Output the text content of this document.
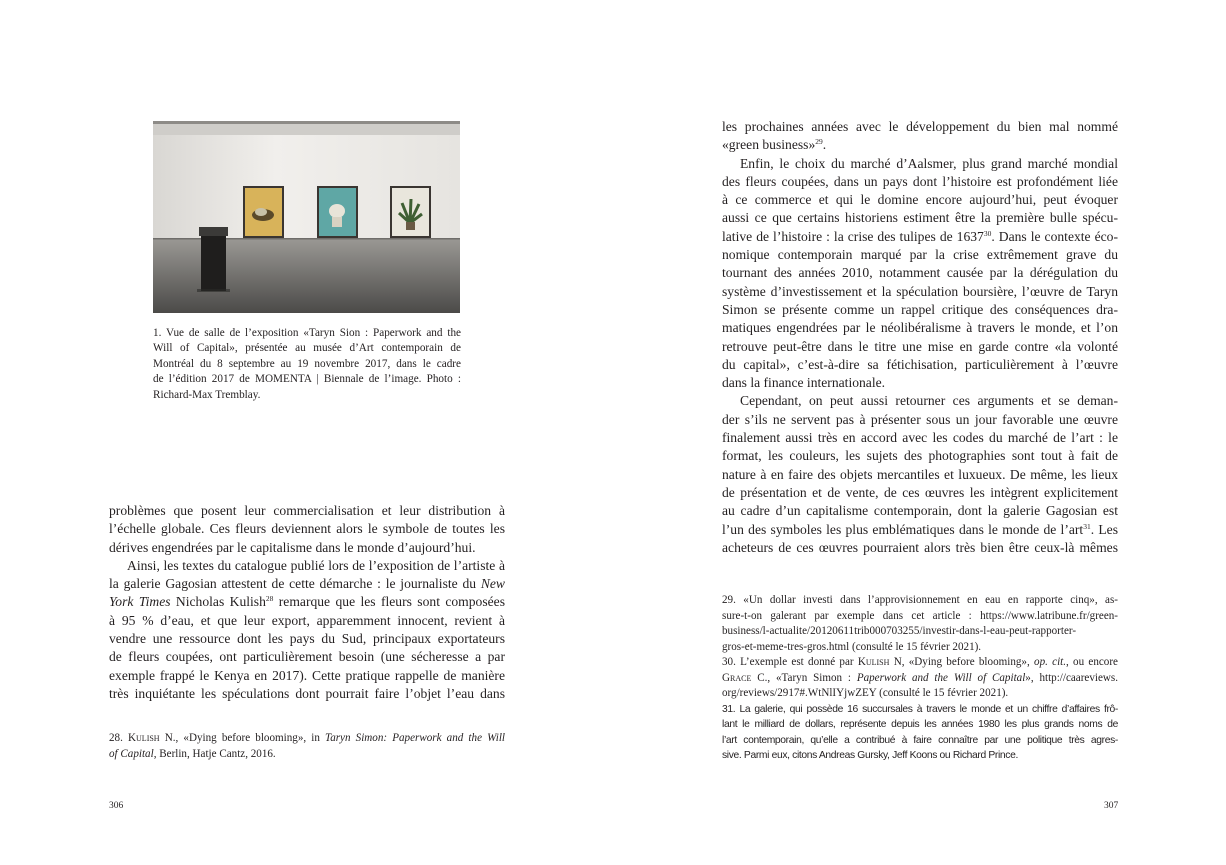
1. Vue de salle de l’exposition «Taryn Sion : Paperwork and the
Will of Capital», présentée au musée d’Art contemporain de
Montréal du 8 septembre au 19 novembre 2017, dans le cadre
de l’édition 2017 de MOMENTA | Biennale de l’image. Photo :
Richard-Max Tremblay.
problèmes que posent leur commercialisation et leur distribution à
l’échelle globale. Ces fleurs deviennent alors le symbole de toutes les
dérives engendrées par le capitalisme dans le monde d’aujourd’hui.
Ainsi, les textes du catalogue publié lors de l’exposition de l’artiste à
la galerie Gagosian attestent de cette démarche : le journaliste du New
York Times Nicholas Kulish$^{28}$ remarque que les fleurs sont composées
à 95 % d’eau, et que leur export, apparemment innocent, revient à
vendre une ressource dont les pays du Sud, principaux exportateurs
de fleurs coupées, ont particulièrement besoin (une sécheresse a par
exemple frappé le Kenya en 2017). Cette pratique rappelle de manière
très inquiétante les spéculations dont pourrait faire l’objet l’eau dans
28. Kulish N., «Dying before blooming», in Taryn Simon: Paperwork and the Will
of Capital, Berlin, Hatje Cantz, 2016.
306
les prochaines années avec le développement du bien mal nommé
«green business»$^{29}$.
Enfin, le choix du marché d’Aalsmer, plus grand marché mondial
des fleurs coupées, dans un pays dont l’histoire est profondément liée
à ce commerce et qui le domine encore aujourd’hui, peut évoquer
aussi ce que certains historiens estiment être la première bulle spécu-
lative de l’histoire : la crise des tulipes de 1637$^{30}$. Dans le contexte éco-
nomique contemporain marqué par la crise extrêmement grave du
tournant des années 2010, notamment causée par la dérégulation du
système d’investissement et la spéculation boursière, l’œuvre de Taryn
Simon se présente comme un rappel critique des conséquences dra-
matiques engendrées par le néolibéralisme à travers le monde, et l’on
retrouve peut-être dans le titre une mise en garde contre «la volonté
du capital», c’est-à-dire sa fétichisation, particulièrement à l’œuvre
dans la finance internationale.
Cependant, on peut aussi retourner ces arguments et se deman-
der s’ils ne servent pas à présenter sous un jour favorable une œuvre
finalement aussi très en accord avec les codes du marché de l’art : le
format, les couleurs, les sujets des photographies sont tout à fait de
nature à en faire des objets mercantiles et luxueux. De même, les lieux
de présentation et de vente, de ces œuvres les intègrent explicitement
au cadre d’un capitalisme contemporain, dont la galerie Gagosian est
l’un des symboles les plus emblématiques dans le monde de l’art$^{31}$. Les
acheteurs de ces œuvres pourraient alors très bien être ceux-là mêmes
29. «Un dollar investi dans l’approvisionnement en eau en rapporte cinq», as-
sure-t-on galerant par exemple dans cet article : https://www.latribune.fr/green-
business/l-actualite/20120611trib000703255/investir-dans-l-eau-peut-rapporter-
gros-et-meme-tres-gros.html (consulté le 15 février 2021).
30. L’exemple est donné par Kulish N, «Dying before blooming», op. cit., ou encore
Grace C., «Taryn Simon : Paperwork and the Will of Capital», http://caareviews.
org/reviews/2917#.WtNlIYjwZEY (consulté le 15 février 2021).
31. La galerie, qui possède 16 succursales à travers le monde et un chiffre d’affaires frô-
lant le milliard de dollars, représente depuis les années 1980 les plus grands noms de
l’art contemporain, qu’elle a contribué à faire connaître par une politique très agres-
sive. Parmi eux, citons Andreas Gursky, Jeff Koons ou Richard Prince.
307
